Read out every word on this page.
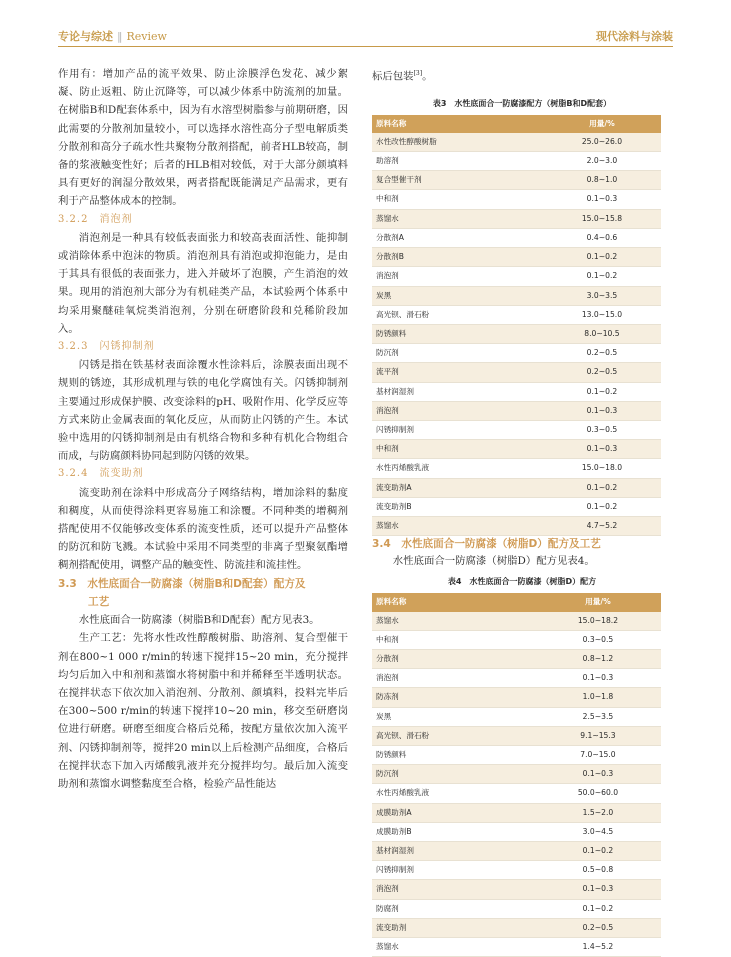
专论与综述 ‖ Review	现代涂料与涂装

作用有：增加产品的流平效果、防止涂膜浮色发花、减少絮凝、防止返粗、防止沉降等，可以减少体系中防流剂的加量。在树脂B和D配套体系中，因为有水溶型树脂参与前期研磨，因此需要的分散剂加量较小，可以选择水溶性高分子型电解质类分散剂和高分子疏水性共聚物分散剂搭配，前者HLB较高，制备的浆液触变性好；后者的HLB相对较低，对于大部分颜填料具有更好的润湿分散效果，两者搭配既能满足产品需求，更有利于产品整体成本的控制。

3.2.2　消泡剂

消泡剂是一种具有较低表面张力和较高表面活性、能抑制或消除体系中泡沫的物质。消泡剂具有消泡或抑泡能力，是由于其具有很低的表面张力，进入并破坏了泡膜，产生消泡的效果。现用的消泡剂大部分为有机硅类产品，本试验两个体系中均采用聚醚硅氧烷类消泡剂，分别在研磨阶段和兑稀阶段加入。

3.2.3　闪锈抑制剂

闪锈是指在铁基材表面涂覆水性涂料后，涂膜表面出现不规则的锈迹，其形成机理与铁的电化学腐蚀有关。闪锈抑制剂主要通过形成保护膜、改变涂料的pH、吸附作用、化学反应等方式来防止金属表面的氧化反应，从而防止闪锈的产生。本试验中选用的闪锈抑制剂是由有机络合物和多种有机化合物组合而成，与防腐颜料协同起到防闪锈的效果。

3.2.4　流变助剂

流变助剂在涂料中形成高分子网络结构，增加涂料的黏度和稠度，从而使得涂料更容易施工和涂覆。不同种类的增稠剂搭配使用不仅能够改变体系的流变性质，还可以提升产品整体的防沉和防飞溅。本试验中采用不同类型的非离子型聚氨酯增稠剂搭配使用，调整产品的触变性、防流挂和流挂性。

3.3　水性底面合一防腐漆（树脂B和D配套）配方及

工艺

水性底面合一防腐漆（树脂B和D配套）配方见表3。

生产工艺：先将水性改性醇酸树脂、助溶剂、复合型催干剂在800~1 000 r/min的转速下搅拌15~20 min，充分搅拌均匀后加入中和剂和蒸馏水将树脂中和并稀释至半透明状态。在搅拌状态下依次加入消泡剂、分散剂、颜填料，投料完毕后在300~500 r/min的转速下搅拌10~20 min，移交至研磨岗位进行研磨。研磨至细度合格后兑稀，按配方量依次加入流平剂、闪锈抑制剂等，搅拌20 min以上后检测产品细度，合格后在搅拌状态下加入丙烯酸乳液并充分搅拌均匀。最后加入流变助剂和蒸馏水调整黏度至合格，检验产品性能达

标后包装[3]。

表3　水性底面合一防腐漆配方（树脂B和D配套）
原料名称	用量/%
水性改性醇酸树脂	25.0~26.0
助溶剂	2.0~3.0
复合型催干剂	0.8~1.0
中和剂	0.1~0.3
蒸馏水	15.0~15.8
分散剂A	0.4~0.6
分散剂B	0.1~0.2
消泡剂	0.1~0.2
炭黑	3.0~3.5
高光钡、滑石粉	13.0~15.0
防锈颜料	8.0~10.5
防沉剂	0.2~0.5
流平剂	0.2~0.5
基材润湿剂	0.1~0.2
消泡剂	0.1~0.3
闪锈抑制剂	0.3~0.5
中和剂	0.1~0.3
水性丙烯酸乳液	15.0~18.0
流变助剂A	0.1~0.2
流变助剂B	0.1~0.2
蒸馏水	4.7~5.2

3.4　水性底面合一防腐漆（树脂D）配方及工艺

水性底面合一防腐漆（树脂D）配方见表4。

表4　水性底面合一防腐漆（树脂D）配方
原料名称	用量/%
蒸馏水	15.0~18.2
中和剂	0.3~0.5
分散剂	0.8~1.2
消泡剂	0.1~0.3
防冻剂	1.0~1.8
炭黑	2.5~3.5
高光钡、滑石粉	9.1~15.3
防锈颜料	7.0~15.0
防沉剂	0.1~0.3
水性丙烯酸乳液	50.0~60.0
成膜助剂A	1.5~2.0
成膜助剂B	3.0~4.5
基材润湿剂	0.1~0.2
闪锈抑制剂	0.5~0.8
消泡剂	0.1~0.3
防腐剂	0.1~0.2
流变助剂	0.2~0.5
蒸馏水	1.4~5.2
